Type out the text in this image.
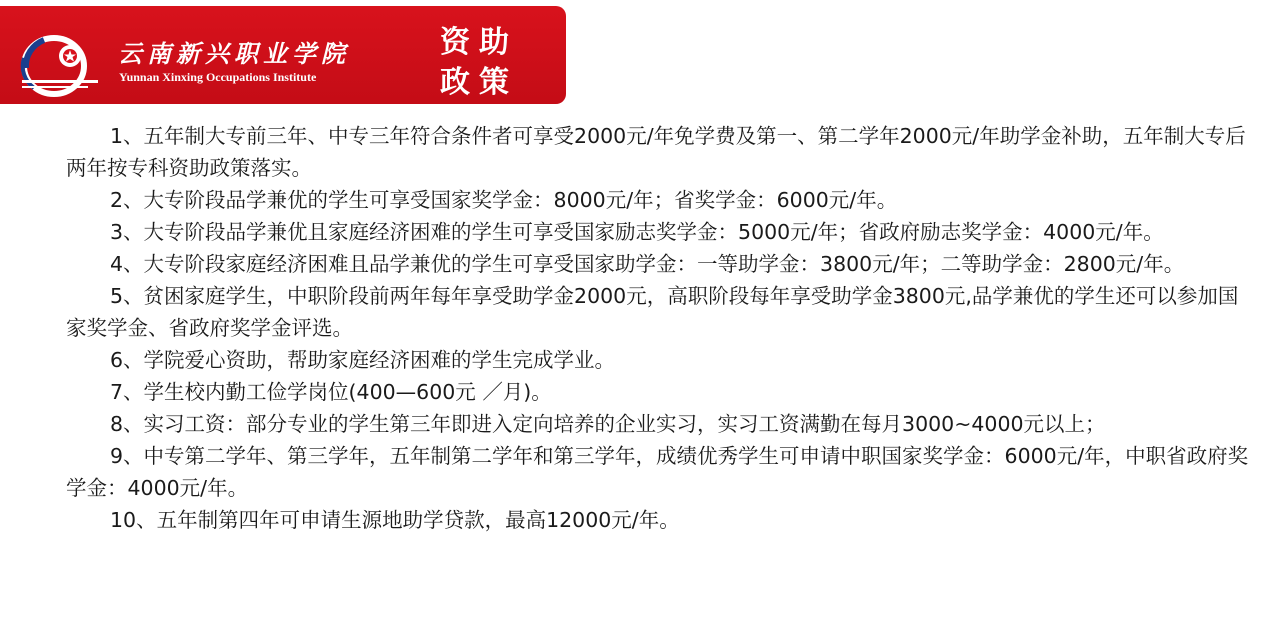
云南新兴职业学院
Yunnan Xinxing Occupations Institute
资助
政策

1、五年制大专前三年、中专三年符合条件者可享受2000元/年免学费及第一、第二学年2000元/年助学金补助，五年制大专后两年按专科资助政策落实。

2、大专阶段品学兼优的学生可享受国家奖学金：8000元/年；省奖学金：6000元/年。

3、大专阶段品学兼优且家庭经济困难的学生可享受国家励志奖学金：5000元/年；省政府励志奖学金：4000元/年。

4、大专阶段家庭经济困难且品学兼优的学生可享受国家助学金：一等助学金：3800元/年；二等助学金：2800元/年。

5、贫困家庭学生，中职阶段前两年每年享受助学金2000元，高职阶段每年享受助学金3800元,品学兼优的学生还可以参加国家奖学金、省政府奖学金评选。

6、学院爱心资助，帮助家庭经济困难的学生完成学业。

7、学生校内勤工俭学岗位(400—600元 ／月)。

8、实习工资：部分专业的学生第三年即进入定向培养的企业实习，实习工资满勤在每月3000~4000元以上；

9、中专第二学年、第三学年，五年制第二学年和第三学年，成绩优秀学生可申请中职国家奖学金：6000元/年，中职省政府奖学金：4000元/年。

10、五年制第四年可申请生源地助学贷款，最高12000元/年。
